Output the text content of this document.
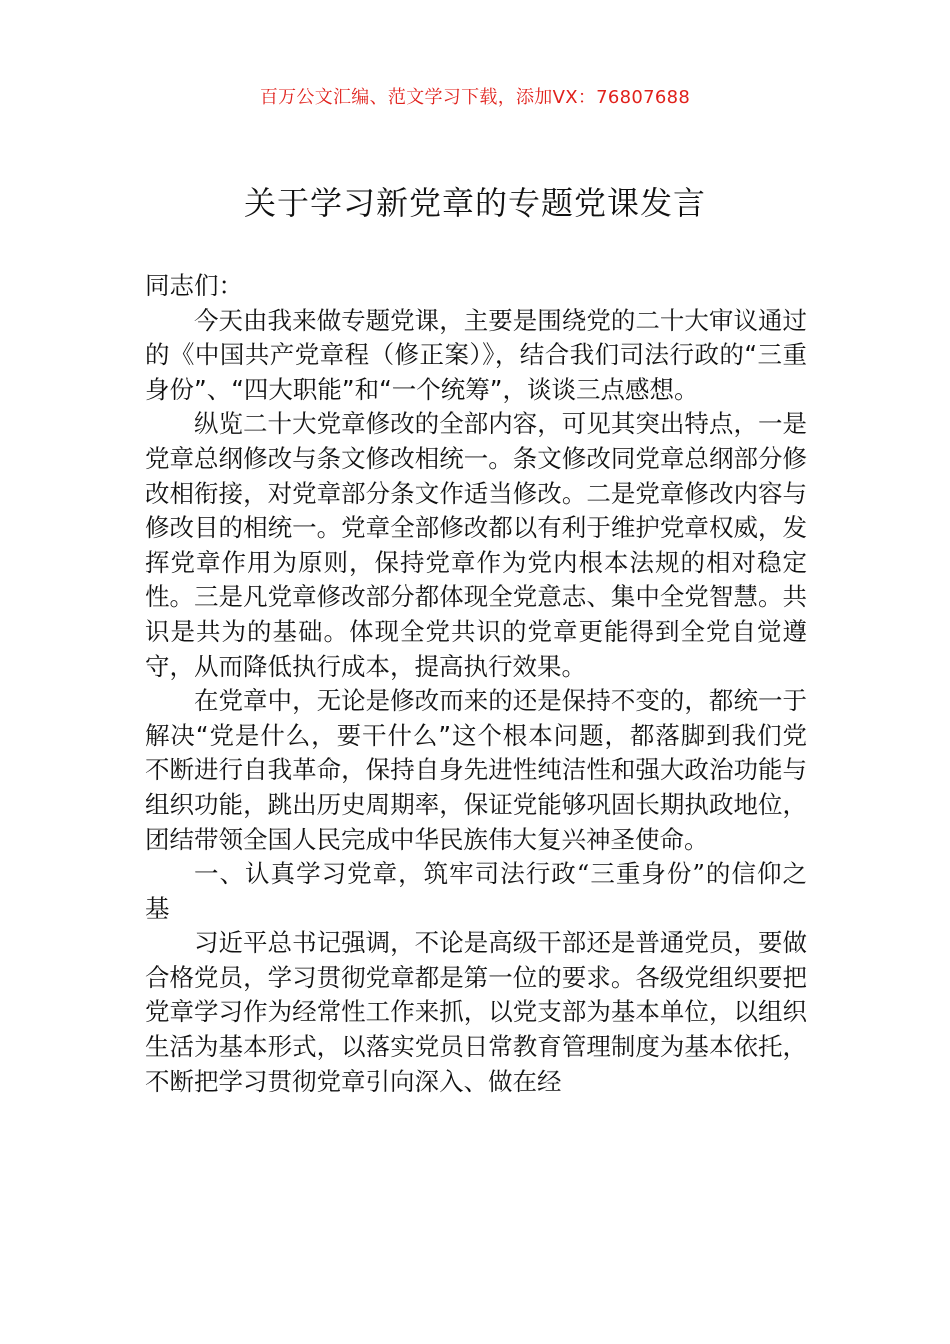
百万公文汇编、范文学习下载，添加VX：76807688
关于学习新党章的专题党课发言

同志们：

今天由我来做专题党课，主要是围绕党的二十大审议通过的《中国共产党章程（修正案）》，结合我们司法行政的“三重身份”、“四大职能”和“一个统筹”，谈谈三点感想。

纵览二十大党章修改的全部内容，可见其突出特点，一是党章总纲修改与条文修改相统一。条文修改同党章总纲部分修改相衔接，对党章部分条文作适当修改。二是党章修改内容与修改目的相统一。党章全部修改都以有利于维护党章权威，发挥党章作用为原则，保持党章作为党内根本法规的相对稳定性。三是凡党章修改部分都体现全党意志、集中全党智慧。共识是共为的基础。体现全党共识的党章更能得到全党自觉遵守，从而降低执行成本，提高执行效果。

在党章中，无论是修改而来的还是保持不变的，都统一于解决“党是什么，要干什么”这个根本问题，都落脚到我们党不断进行自我革命，保持自身先进性纯洁性和强大政治功能与组织功能，跳出历史周期率，保证党能够巩固长期执政地位，团结带领全国人民完成中华民族伟大复兴神圣使命。

一、认真学习党章，筑牢司法行政“三重身份”的信仰之基

习近平总书记强调，不论是高级干部还是普通党员，要做合格党员，学习贯彻党章都是第一位的要求。各级党组织要把党章学习作为经常性工作来抓，以党支部为基本单位，以组织生活为基本形式，以落实党员日常教育管理制度为基本依托，不断把学习贯彻党章引向深入、做在经
